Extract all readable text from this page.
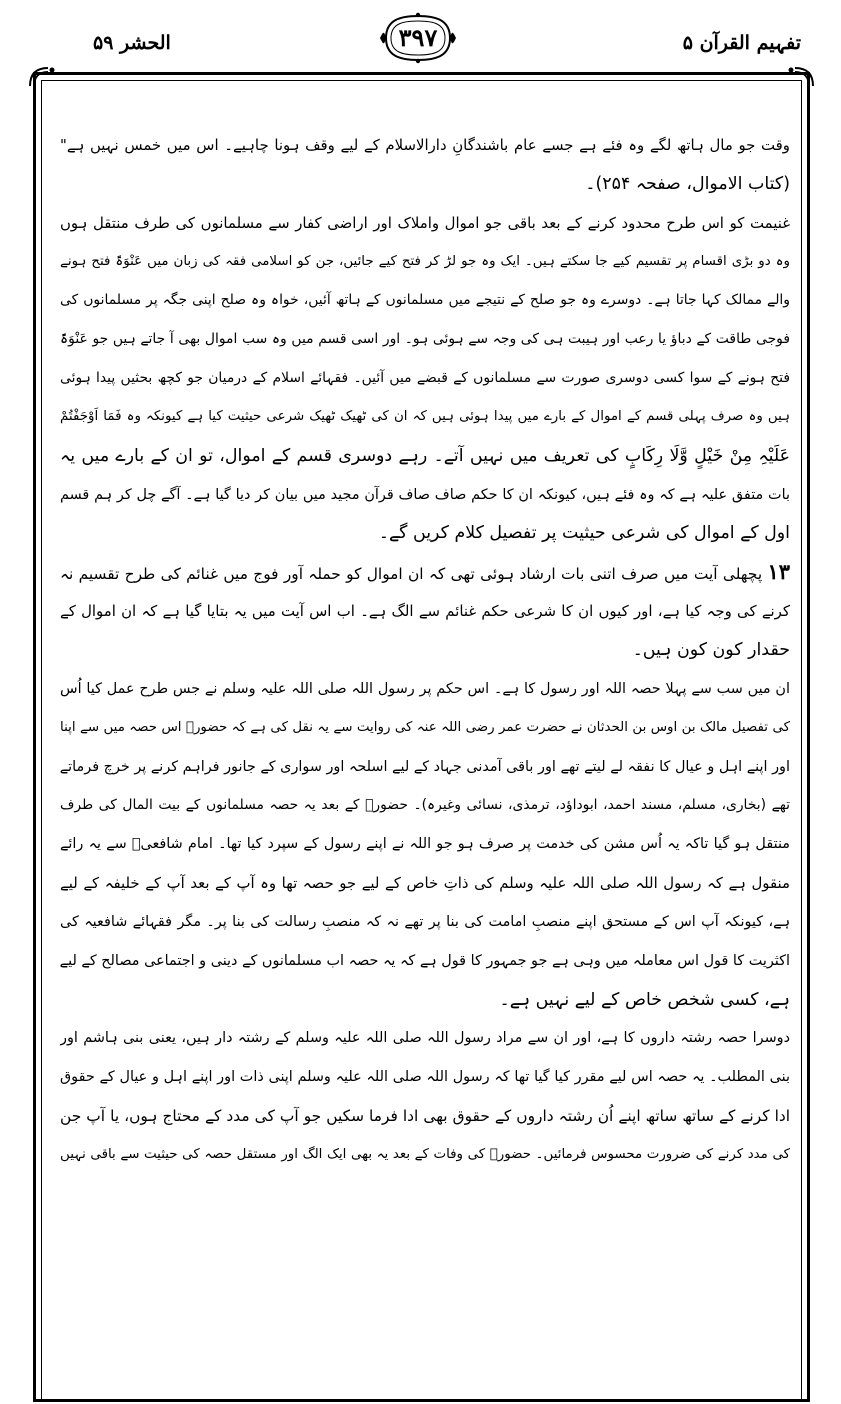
تفہیم القرآن ۵
۳۹۷
الحشر ۵۹
وقت جو مال ہاتھ لگے وہ فئے ہے جسے عام باشندگانِ دارالاسلام کے لیے وقف ہونا چاہیے۔ اس میں خمس نہیں ہے"
(کتاب الاموال، صفحہ ۲۵۴)۔
غنیمت کو اس طرح محدود کرنے کے بعد باقی جو اموال واملاک اور اراضی کفار سے مسلمانوں کی طرف منتقل ہوں
وہ دو بڑی اقسام پر تقسیم کیے جا سکتے ہیں۔ ایک وہ جو لڑ کر فتح کیے جائیں، جن کو اسلامی فقہ کی زبان میں عَنْوَۃً فتح ہونے
والے ممالک کہا جاتا ہے۔ دوسرے وہ جو صلح کے نتیجے میں مسلمانوں کے ہاتھ آئیں، خواہ وہ صلح اپنی جگہ پر مسلمانوں کی
فوجی طاقت کے دباؤ یا رعب اور ہیبت ہی کی وجہ سے ہوئی ہو۔ اور اسی قسم میں وہ سب اموال بھی آ جاتے ہیں جو عَنْوَۃً
فتح ہونے کے سوا کسی دوسری صورت سے مسلمانوں کے قبضے میں آئیں۔ فقہائے اسلام کے درمیان جو کچھ بحثیں پیدا ہوئی
ہیں وہ صرف پہلی قسم کے اموال کے بارے میں پیدا ہوئی ہیں کہ ان کی ٹھیک ٹھیک شرعی حیثیت کیا ہے کیونکہ وہ فَمَا اَوْجَفْتُمْ
عَلَیْہِ مِنْ خَیْلٍ وَّلَا رِکَابٍ کی تعریف میں نہیں آتے۔ رہے دوسری قسم کے اموال، تو ان کے بارے میں یہ
بات متفق علیہ ہے کہ وہ فئے ہیں، کیونکہ ان کا حکم صاف صاف قرآن مجید میں بیان کر دیا گیا ہے۔ آگے چل کر ہم قسم
اول کے اموال کی شرعی حیثیت پر تفصیل کلام کریں گے۔
۱۳ پچھلی آیت میں صرف اتنی بات ارشاد ہوئی تھی کہ ان اموال کو حملہ آور فوج میں غنائم کی طرح تقسیم نہ
کرنے کی وجہ کیا ہے، اور کیوں ان کا شرعی حکم غنائم سے الگ ہے۔ اب اس آیت میں یہ بتایا گیا ہے کہ ان اموال کے
حقدار کون کون ہیں۔
ان میں سب سے پہلا حصہ اللہ اور رسول کا ہے۔ اس حکم پر رسول اللہ صلی اللہ علیہ وسلم نے جس طرح عمل کیا اُس
کی تفصیل مالک بن اوس بن الحدثان نے حضرت عمر رضی اللہ عنہ کی روایت سے یہ نقل کی ہے کہ حضورؐ اس حصہ میں سے اپنا
اور اپنے اہل و عیال کا نفقہ لے لیتے تھے اور باقی آمدنی جہاد کے لیے اسلحہ اور سواری کے جانور فراہم کرنے پر خرچ فرماتے
تھے (بخاری، مسلم، مسند احمد، ابوداؤد، ترمذی، نسائی وغیرہ)۔ حضورؐ کے بعد یہ حصہ مسلمانوں کے بیت المال کی طرف
منتقل ہو گیا تاکہ یہ اُس مشن کی خدمت پر صرف ہو جو اللہ نے اپنے رسول کے سپرد کیا تھا۔ امام شافعیؒ سے یہ رائے
منقول ہے کہ رسول اللہ صلی اللہ علیہ وسلم کی ذاتِ خاص کے لیے جو حصہ تھا وہ آپ کے بعد آپ کے خلیفہ کے لیے
ہے، کیونکہ آپ اس کے مستحق اپنے منصبِ امامت کی بنا پر تھے نہ کہ منصبِ رسالت کی بنا پر۔ مگر فقہائے شافعیہ کی
اکثریت کا قول اس معاملہ میں وہی ہے جو جمہور کا قول ہے کہ یہ حصہ اب مسلمانوں کے دینی و اجتماعی مصالح کے لیے
ہے، کسی شخص خاص کے لیے نہیں ہے۔
دوسرا حصہ رشتہ داروں کا ہے، اور ان سے مراد رسول اللہ صلی اللہ علیہ وسلم کے رشتہ دار ہیں، یعنی بنی ہاشم اور
بنی المطلب۔ یہ حصہ اس لیے مقرر کیا گیا تھا کہ رسول اللہ صلی اللہ علیہ وسلم اپنی ذات اور اپنے اہل و عیال کے حقوق
ادا کرنے کے ساتھ ساتھ اپنے اُن رشتہ داروں کے حقوق بھی ادا فرما سکیں جو آپ کی مدد کے محتاج ہوں، یا آپ جن
کی مدد کرنے کی ضرورت محسوس فرمائیں۔ حضورؐ کی وفات کے بعد یہ بھی ایک الگ اور مستقل حصہ کی حیثیت سے باقی نہیں
